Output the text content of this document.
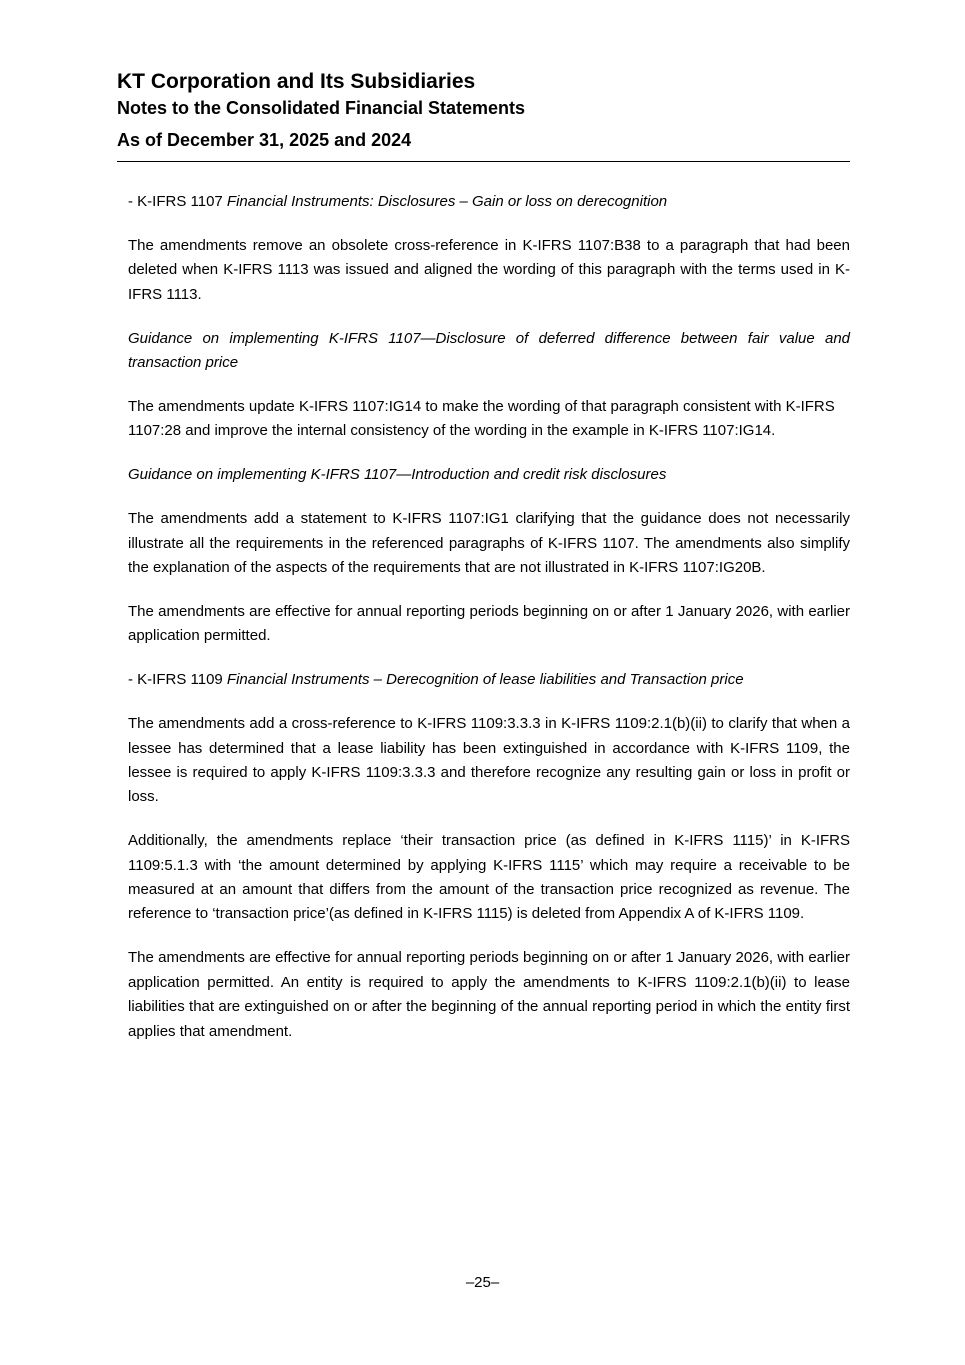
KT Corporation and Its Subsidiaries
Notes to the Consolidated Financial Statements
As of December 31, 2025 and 2024

- K-IFRS 1107 Financial Instruments: Disclosures – Gain or loss on derecognition

The amendments remove an obsolete cross-reference in K-IFRS 1107:B38 to a paragraph that had been deleted when K-IFRS 1113 was issued and aligned the wording of this paragraph with the terms used in K-IFRS 1113.

Guidance on implementing K-IFRS 1107—Disclosure of deferred difference between fair value and transaction price

The amendments update K-IFRS 1107:IG14 to make the wording of that paragraph consistent with K-IFRS 1107:28 and improve the internal consistency of the wording in the example in K-IFRS 1107:IG14.

Guidance on implementing K-IFRS 1107—Introduction and credit risk disclosures

The amendments add a statement to K-IFRS 1107:IG1 clarifying that the guidance does not necessarily illustrate all the requirements in the referenced paragraphs of K-IFRS 1107. The amendments also simplify the explanation of the aspects of the requirements that are not illustrated in K-IFRS 1107:IG20B.

The amendments are effective for annual reporting periods beginning on or after 1 January 2026, with earlier application permitted.

- K-IFRS 1109 Financial Instruments – Derecognition of lease liabilities and Transaction price

The amendments add a cross-reference to K-IFRS 1109:3.3.3 in K-IFRS 1109:2.1(b)(ii) to clarify that when a lessee has determined that a lease liability has been extinguished in accordance with K-IFRS 1109, the lessee is required to apply K-IFRS 1109:3.3.3 and therefore recognize any resulting gain or loss in profit or loss.

Additionally, the amendments replace ‘their transaction price (as defined in K-IFRS 1115)’ in K-IFRS 1109:5.1.3 with ‘the amount determined by applying K-IFRS 1115’ which may require a receivable to be measured at an amount that differs from the amount of the transaction price recognized as revenue. The reference to ‘transaction price’(as defined in K-IFRS 1115) is deleted from Appendix A of K-IFRS 1109.

The amendments are effective for annual reporting periods beginning on or after 1 January 2026, with earlier application permitted. An entity is required to apply the amendments to K-IFRS 1109:2.1(b)(ii) to lease liabilities that are extinguished on or after the beginning of the annual reporting period in which the entity first applies that amendment.

–25–
